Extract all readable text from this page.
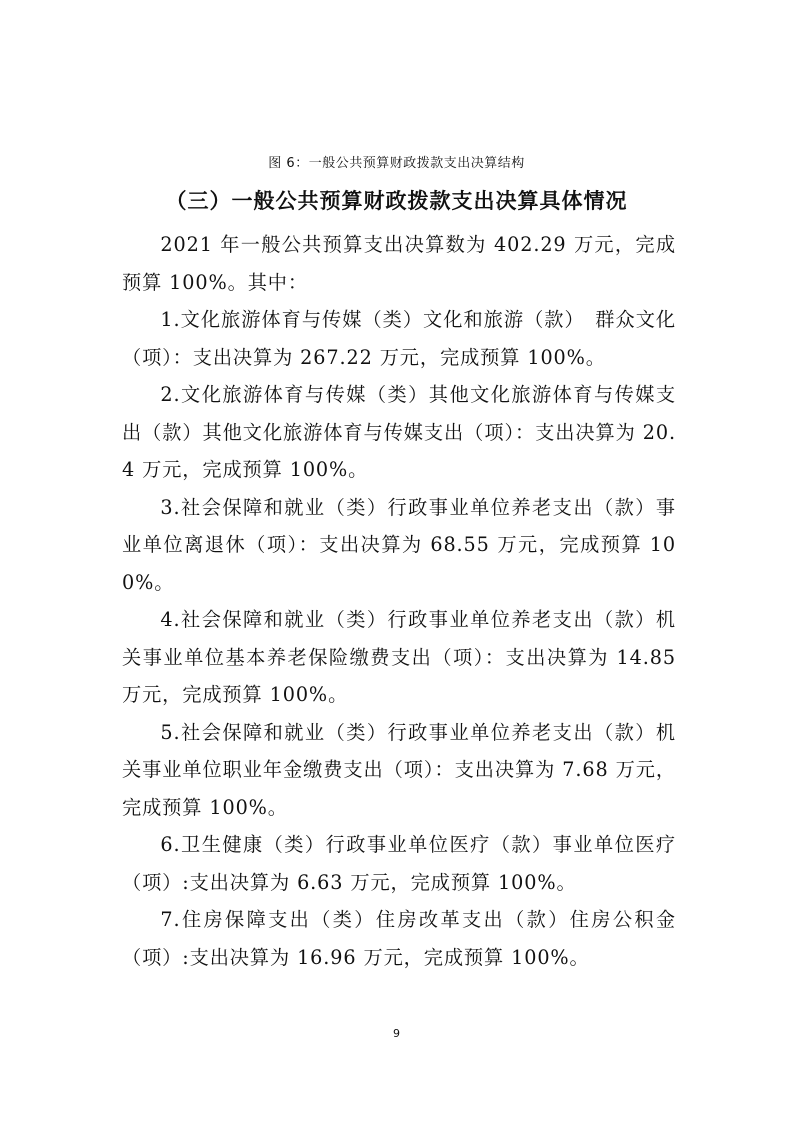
图 6：一般公共预算财政拨款支出决算结构
（三）一般公共预算财政拨款支出决算具体情况

2021 年一般公共预算支出决算数为 402.29 万元，完成预算 100%。其中：

1.文化旅游体育与传媒（类）文化和旅游（款）　群众文化（项）：支出决算为 267.22 万元，完成预算 100%。

2.文化旅游体育与传媒（类）其他文化旅游体育与传媒支出（款）其他文化旅游体育与传媒支出（项）：支出决算为 20.4 万元，完成预算 100%。

3.社会保障和就业（类）行政事业单位养老支出（款）事业单位离退休（项）：支出决算为 68.55 万元，完成预算 100%。

4.社会保障和就业（类）行政事业单位养老支出（款）机关事业单位基本养老保险缴费支出（项）：支出决算为 14.85 万元，完成预算 100%。

5.社会保障和就业（类）行政事业单位养老支出（款）机关事业单位职业年金缴费支出（项）：支出决算为 7.68 万元，完成预算 100%。

6.卫生健康（类）行政事业单位医疗（款）事业单位医疗（项）:支出决算为 6.63 万元，完成预算 100%。

7.住房保障支出（类）住房改革支出（款）住房公积金（项）:支出决算为 16.96 万元，完成预算 100%。

9
